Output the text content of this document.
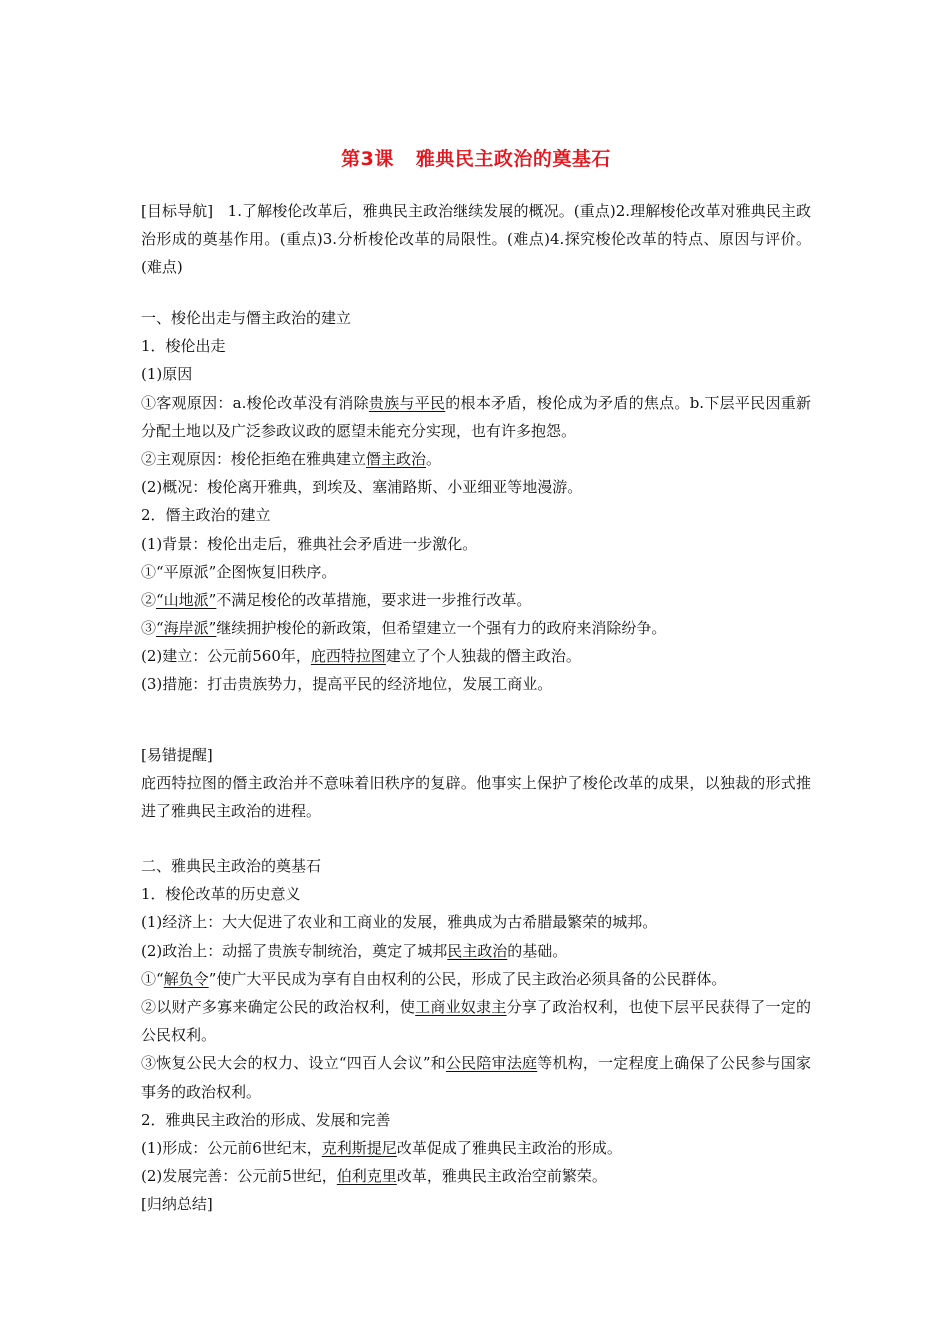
第3课 雅典民主政治的奠基石
[目标导航] 1.了解梭伦改革后，雅典民主政治继续发展的概况。(重点)2.理解梭伦改革对雅典民主政治形成的奠基作用。(重点)3.分析梭伦改革的局限性。(难点)4.探究梭伦改革的特点、原因与评价。(难点)
一、梭伦出走与僭主政治的建立
1．梭伦出走
(1)原因
①客观原因：a.梭伦改革没有消除贵族与平民的根本矛盾，梭伦成为矛盾的焦点。b.下层平民因重新分配土地以及广泛参政议政的愿望未能充分实现，也有许多抱怨。
②主观原因：梭伦拒绝在雅典建立僭主政治。
(2)概况：梭伦离开雅典，到埃及、塞浦路斯、小亚细亚等地漫游。
2．僭主政治的建立
(1)背景：梭伦出走后，雅典社会矛盾进一步激化。
①“平原派”企图恢复旧秩序。
②“山地派”不满足梭伦的改革措施，要求进一步推行改革。
③“海岸派”继续拥护梭伦的新政策，但希望建立一个强有力的政府来消除纷争。
(2)建立：公元前560年，庇西特拉图建立了个人独裁的僭主政治。
(3)措施：打击贵族势力，提高平民的经济地位，发展工商业。
[易错提醒]
庇西特拉图的僭主政治并不意味着旧秩序的复辟。他事实上保护了梭伦改革的成果，以独裁的形式推进了雅典民主政治的进程。
二、雅典民主政治的奠基石
1．梭伦改革的历史意义
(1)经济上：大大促进了农业和工商业的发展，雅典成为古希腊最繁荣的城邦。
(2)政治上：动摇了贵族专制统治，奠定了城邦民主政治的基础。
①“解负令”使广大平民成为享有自由权利的公民，形成了民主政治必须具备的公民群体。
②以财产多寡来确定公民的政治权利，使工商业奴隶主分享了政治权利，也使下层平民获得了一定的公民权利。
③恢复公民大会的权力、设立“四百人会议”和公民陪审法庭等机构，一定程度上确保了公民参与国家事务的政治权利。
2．雅典民主政治的形成、发展和完善
(1)形成：公元前6世纪末，克利斯提尼改革促成了雅典民主政治的形成。
(2)发展完善：公元前5世纪，伯利克里改革，雅典民主政治空前繁荣。
[归纳总结]
